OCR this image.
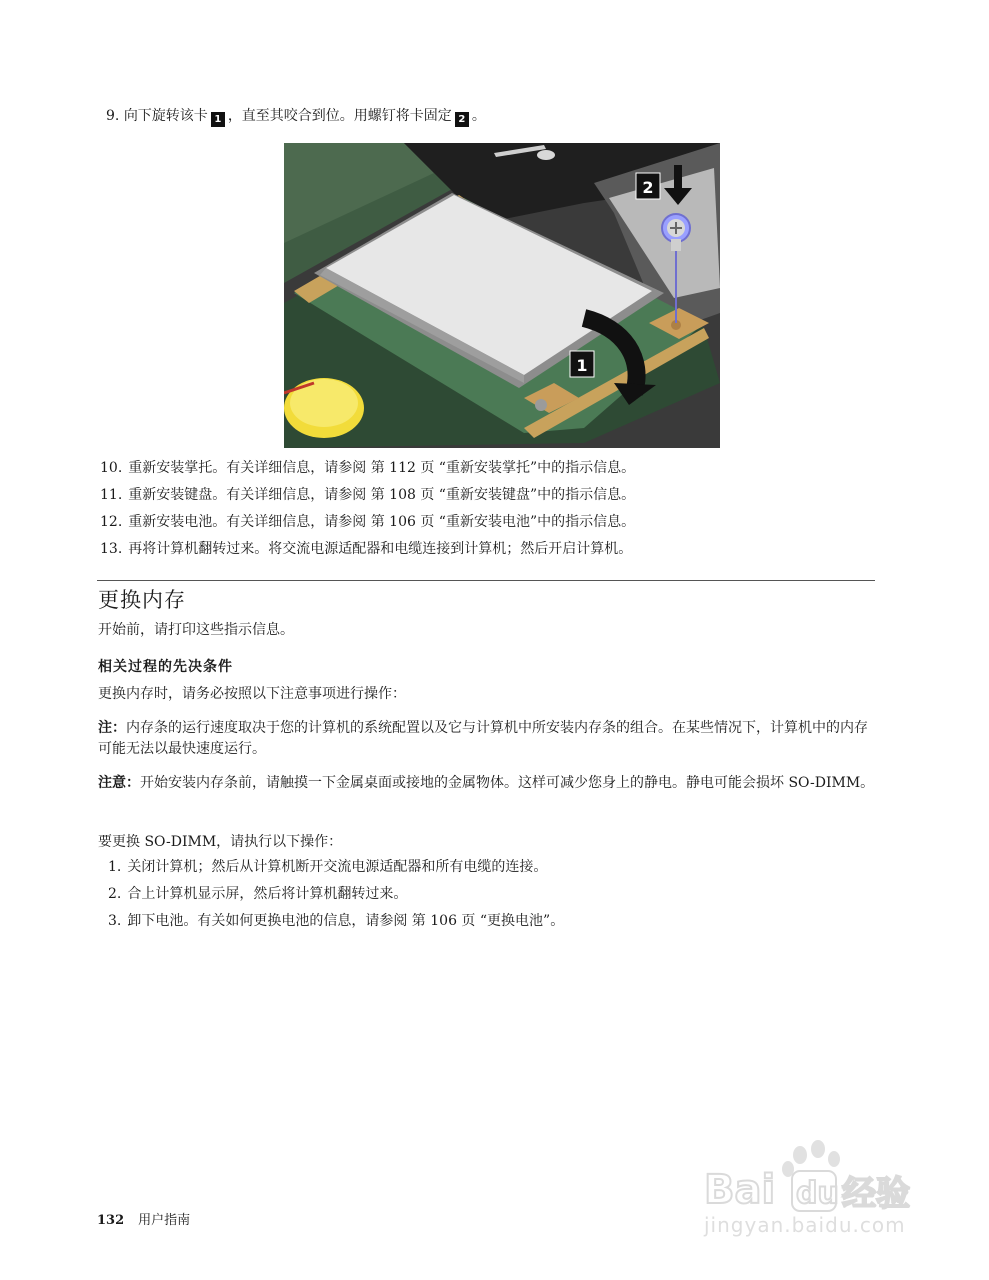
9. 向下旋转该卡 1 ，直至其咬合到位。用螺钉将卡固定 2 。
2
1
10. 重新安装掌托。有关详细信息，请参阅 第 112 页 “重新安装掌托”中的指示信息。
11. 重新安装键盘。有关详细信息，请参阅 第 108 页 “重新安装键盘”中的指示信息。
12. 重新安装电池。有关详细信息，请参阅 第 106 页 “重新安装电池”中的指示信息。
13. 再将计算机翻转过来。将交流电源适配器和电缆连接到计算机；然后开启计算机。
更换内存
开始前，请打印这些指示信息。
相关过程的先决条件
更换内存时，请务必按照以下注意事项进行操作：
注：内存条的运行速度取决于您的计算机的系统配置以及它与计算机中所安装内存条的组合。在某些情况下，计算机中的内存可能无法以最快速度运行。
注意：开始安装内存条前，请触摸一下金属桌面或接地的金属物体。这样可减少您身上的静电。静电可能会损坏 SO-DIMM。
要更换 SO-DIMM，请执行以下操作：
1. 关闭计算机；然后从计算机断开交流电源适配器和所有电缆的连接。
2. 合上计算机显示屏，然后将计算机翻转过来。
3. 卸下电池。有关如何更换电池的信息，请参阅 第 106 页 “更换电池”。
132 用户指南
Bai du 经验
jingyan.baidu.com
